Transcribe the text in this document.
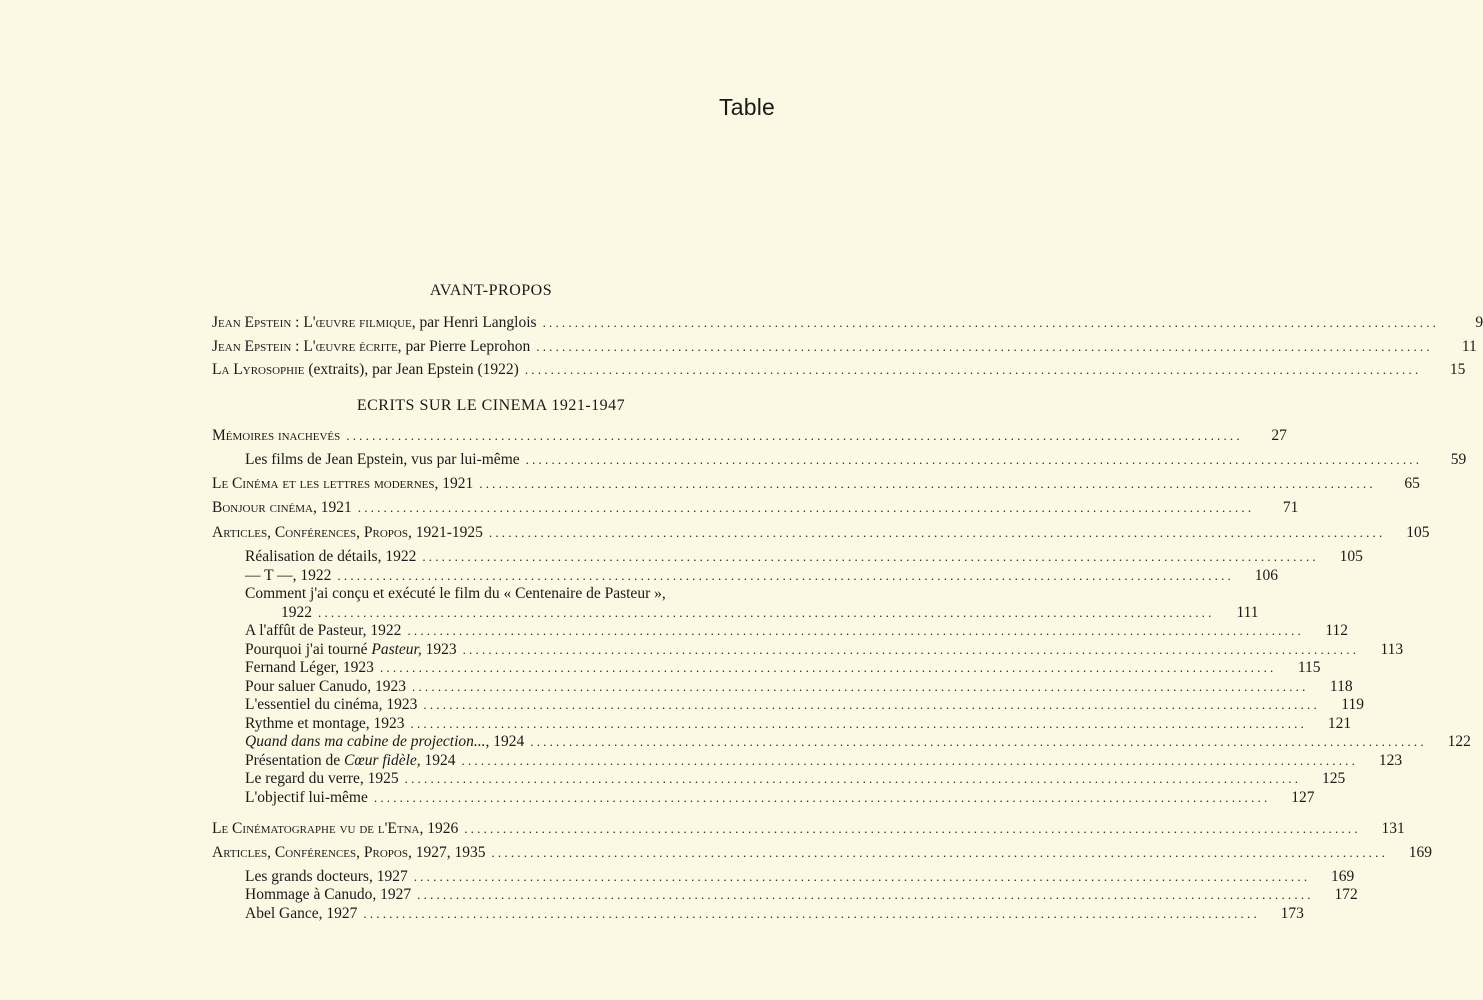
Table
AVANT-PROPOS
Jean Epstein : L'œuvre filmique, par Henri Langlois ...........................................................................................................................................	9
Jean Epstein : L'œuvre écrite, par Pierre Leprohon ...........................................................................................................................................	11
La Lyrosophie (extraits), par Jean Epstein (1922) ...........................................................................................................................................	15
ECRITS SUR LE CINEMA 1921-1947
Mémoires inachevés ...........................................................................................................................................	27
Les films de Jean Epstein, vus par lui-même ...........................................................................................................................................	59
Le Cinéma et les lettres modernes, 1921 ...........................................................................................................................................	65
Bonjour cinéma, 1921 ...........................................................................................................................................	71
Articles, Conférences, Propos, 1921-1925 ...........................................................................................................................................	105
Réalisation de détails, 1922 ...........................................................................................................................................	105
— T —, 1922 ...........................................................................................................................................	106
Comment j'ai conçu et exécuté le film du « Centenaire de Pasteur »,
1922 ...........................................................................................................................................	111
A l'affût de Pasteur, 1922 ...........................................................................................................................................	112
Pourquoi j'ai tourné Pasteur, 1923 ...........................................................................................................................................	113
Fernand Léger, 1923 ...........................................................................................................................................	115
Pour saluer Canudo, 1923 ...........................................................................................................................................	118
L'essentiel du cinéma, 1923 ...........................................................................................................................................	119
Rythme et montage, 1923 ...........................................................................................................................................	121
Quand dans ma cabine de projection..., 1924 ...........................................................................................................................................	122
Présentation de Cœur fidèle, 1924 ...........................................................................................................................................	123
Le regard du verre, 1925 ...........................................................................................................................................	125
L'objectif lui-même ...........................................................................................................................................	127
Le Cinématographe vu de l'Etna, 1926 ...........................................................................................................................................	131
Articles, Conférences, Propos, 1927, 1935 ...........................................................................................................................................	169
Les grands docteurs, 1927 ...........................................................................................................................................	169
Hommage à Canudo, 1927 ...........................................................................................................................................	172
Abel Gance, 1927 ...........................................................................................................................................	173
